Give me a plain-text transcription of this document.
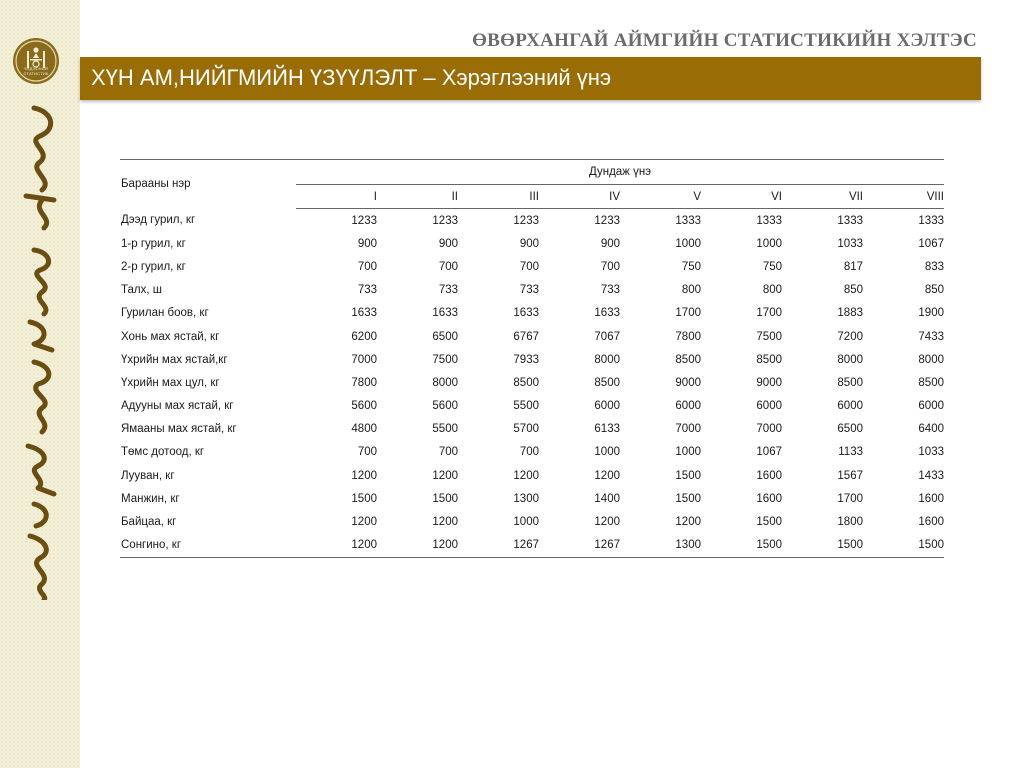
ҮНДЭСНИЙ СТАТИСТИК
ӨВӨРХАНГАЙ АЙМГИЙН СТАТИСТИКИЙН ХЭЛТЭС
ХҮН АМ,НИЙГМИЙН ҮЗҮҮЛЭЛТ – Хэрэглээний үнэ
Барааны нэр	Дундаж үнэ							
	I	II	III	IV	V	VI	VII	VIII
Дээд гурил, кг	1233	1233	1233	1233	1333	1333	1333	1333
1-р гурил, кг	900	900	900	900	1000	1000	1033	1067
2-р гурил, кг	700	700	700	700	750	750	817	833
Талх, ш	733	733	733	733	800	800	850	850
Гурилан боов, кг	1633	1633	1633	1633	1700	1700	1883	1900
Хонь мах ястай, кг	6200	6500	6767	7067	7800	7500	7200	7433
Үхрийн мах ястай,кг	7000	7500	7933	8000	8500	8500	8000	8000
Үхрийн мах цул, кг	7800	8000	8500	8500	9000	9000	8500	8500
Адууны мах ястай, кг	5600	5600	5500	6000	6000	6000	6000	6000
Ямааны мах ястай, кг	4800	5500	5700	6133	7000	7000	6500	6400
Төмс дотоод, кг	700	700	700	1000	1000	1067	1133	1033
Лууван, кг	1200	1200	1200	1200	1500	1600	1567	1433
Манжин, кг	1500	1500	1300	1400	1500	1600	1700	1600
Байцаа, кг	1200	1200	1000	1200	1200	1500	1800	1600
Сонгино, кг	1200	1200	1267	1267	1300	1500	1500	1500
